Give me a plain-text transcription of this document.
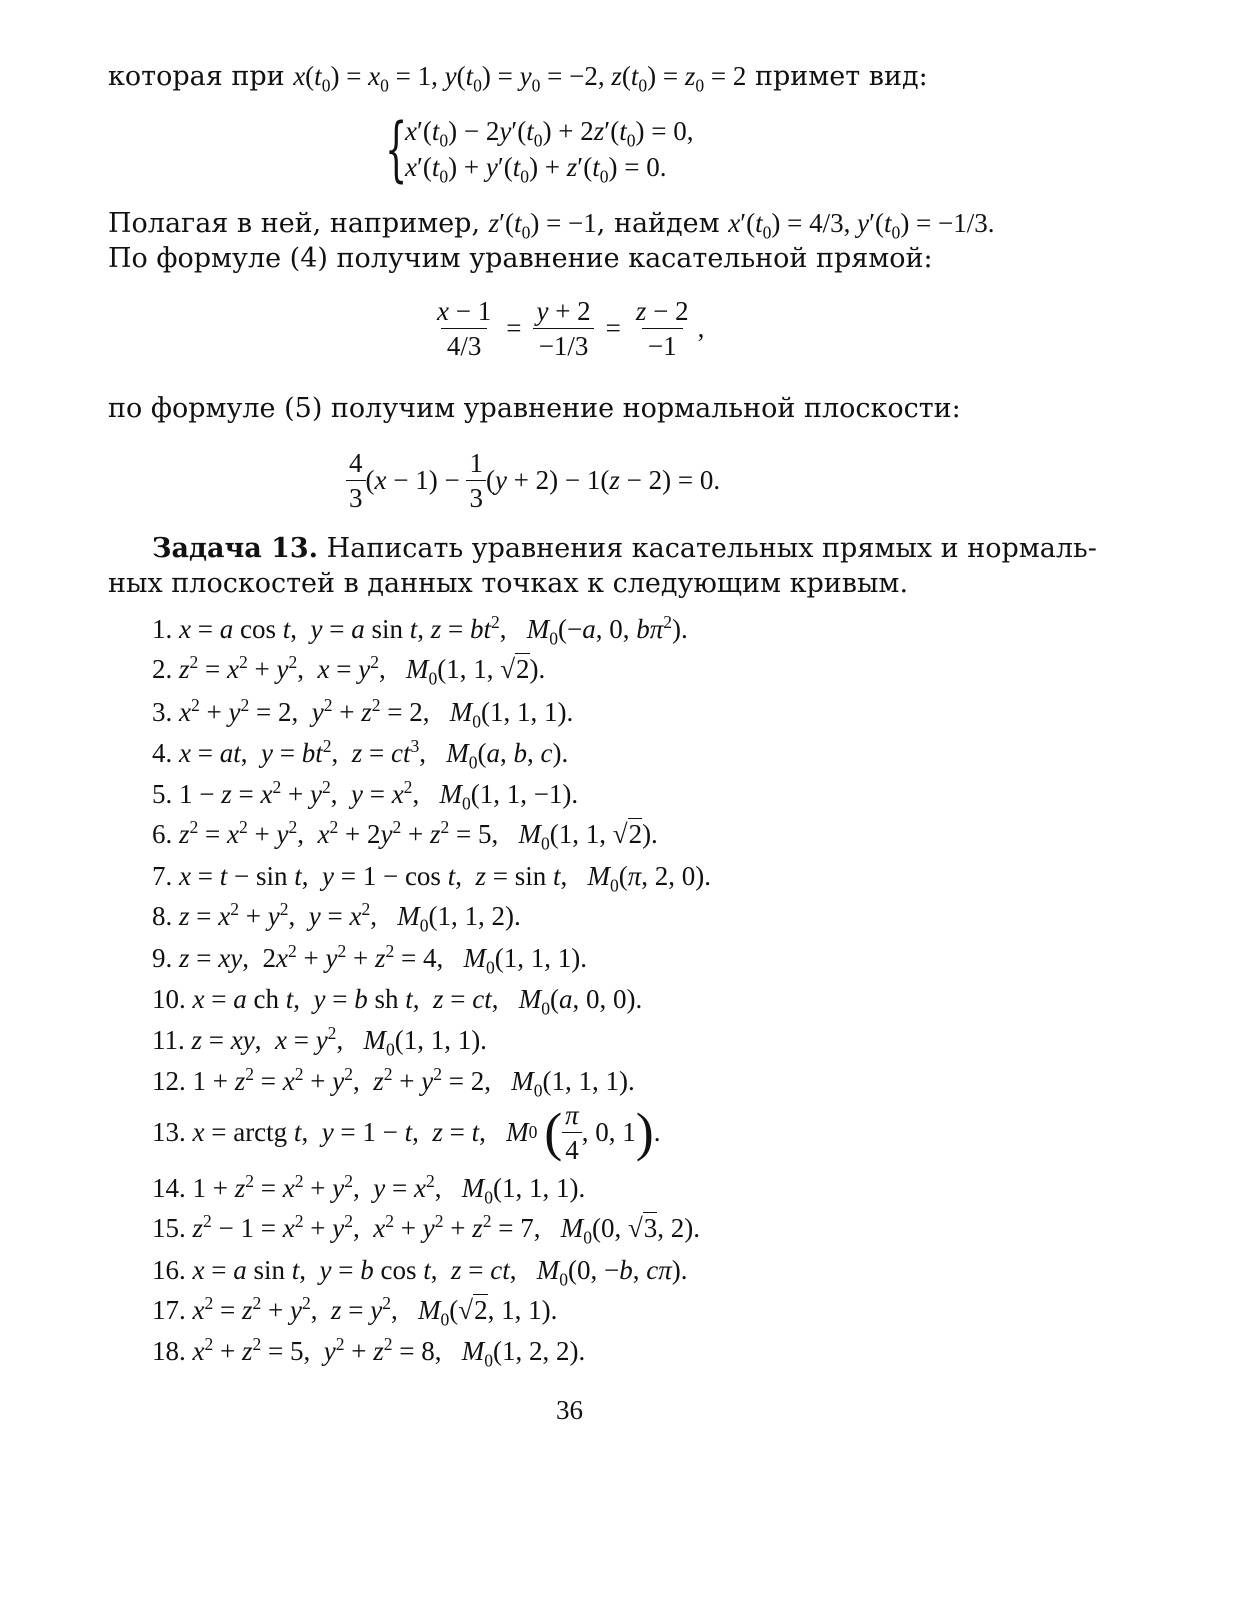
которая при $x(t_0) = x_0 = 1$, $y(t_0) = y_0 = -2$, $z(t_0) = z_0 = 2$ примет вид:
{
$x'(t_0) - 2y'(t_0) + 2z'(t_0) = 0$,
$x'(t_0) + y'(t_0) + z'(t_0) = 0$.
Полагая в ней, например, $z'(t_0) = -1$, найдем $x'(t_0) = 4/3$, $y'(t_0) = -1/3$.
По формуле (4) получим уравнение касательной прямой:
$\frac{x - 1}{4/3} = \frac{y + 2}{-1/3} = \frac{z - 2}{-1}$ ,
по формуле (5) получим уравнение нормальной плоскости:
$\frac{4}{3}$ ( $x - 1) - \frac{1}{3}$ ( y + 2) − 1( z − 2) = 0.
Задача 13. Написать уравнения касательных прямых и нормаль-
ных плоскостей в данных точках к следующим кривым.
1. x = a cos t,  y = a sin t, $z = bt^2$,   $M_0(-a$, 0, $b\pi^2$).
2. $z^2 = x^2 + y^2$,  $x = y^2$,   $M_0(1$, 1, √2).
3. $x^2 + y^2 = 2$,  $y^2 + z^2 = 2$,   $M_0(1$, 1, 1).
4. x = at,  $y = bt^2$,  $z = ct^3$,   $M_0(a$, b, c).
5. $1 - z = x^2 + y^2$,  $y = x^2$,   $M_0(1$, 1, −1).
6. $z^2 = x^2 + y^2$,  $x^2 + 2y^2 + z^2 = 5$,   $M_0(1$, 1, √2).
7. x = t − sin t,  y = 1 − cos t,  z = sin t,   $M_0(\pi$, 2, 0).
8. $z = x^2 + y^2$,  $y = x^2$,   $M_0(1$, 1, 2).
9. z = xy,  $2x^2 + y^2 + z^2 = 4$,   $M_0(1$, 1, 1).
10. x = a ch t,  y = b sh t,  z = ct,   $M_0(a$, 0, 0).
11. z = xy,  $x = y^2$,   $M_0(1$, 1, 1).
12. $1 + z^2 = x^2 + y^2$,  $z^2 + y^2 = 2$,   $M_0(1$, 1, 1).
13.
x = arctg t , y = 1 − t , z = t , M 0
( $\frac{\pi}{4}$ , 0, 1 ) .
14. $1 + z^2 = x^2 + y^2$,  $y = x^2$,   $M_0(1$, 1, 1).
15. $z^2 - 1 = x^2 + y^2$,  $x^2 + y^2 + z^2 = 7$,   $M_0(0$, √3, 2).
16. x = a sin t,  y = b cos t,  z = ct,   $M_0(0$, −b, cπ).
17. $x^2 = z^2 + y^2$,  $z = y^2$,   $M_0(√2$, 1, 1).
18. $x^2 + z^2 = 5$,  $y^2 + z^2 = 8$,   $M_0(1$, 2, 2).
36
